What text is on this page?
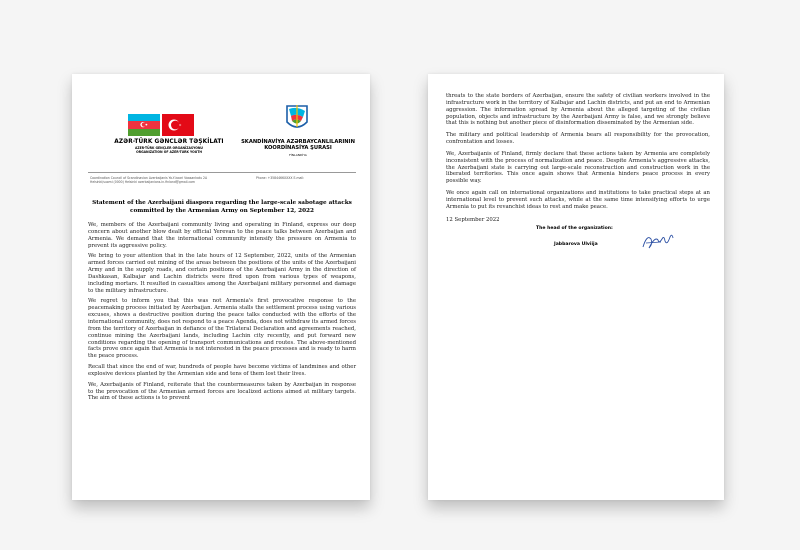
AZƏR-TÜRK GƏNCLƏR TƏŞKİLATI
AZER-TÜRK GENÇLER ORGANİZASYONU
ORGANIZATION OF AZER-TURK YOUTH
SKANDİNAVİYA AZƏRBAYCANLILARININ
KOORDİNASİYA ŞURASI
FİNLANDİYA
Coordination Council of Scandinavian Azerbaijanis Yo-Y-kaari Vaasankatu 2A Helsinki/suomi (0000) Helsinki azerbaijanians.in.finland@gmail.com
Phone: +3584466XXXX E-mail:
Statement of the Azerbaijani diaspora regarding the large-scale sabotage attacks committed by the Armenian Army on September 12, 2022

We, members of the Azerbaijani community living and operating in Finland, express our deep concern about another blow dealt by official Yerevan to the peace talks between Azerbaijan and Armenia. We demand that the international community intensify the pressure on Armenia to prevent its aggressive policy.

We bring to your attention that in the late hours of 12 September, 2022, units of the Armenian armed forces carried out mining of the areas between the positions of the units of the Azerbaijani Army and in the supply roads, and certain positions of the Azerbaijani Army in the direction of Dashkasan, Kalbajar and Lachin districts were fired upon from various types of weapons, including mortars. It resulted in casualties among the Azerbaijani military personnel and damage to the military infrastructure.

We regret to inform you that this was not Armenia's first provocative response to the peacemaking process initiated by Azerbaijan. Armenia stalls the settlement process using various excuses, shows a destructive position during the peace talks conducted with the efforts of the international community, does not respond to a peace Agenda, does not withdraw its armed forces from the territory of Azerbaijan in defiance of the Trilateral Declaration and agreements reached, continue mining the Azerbaijani lands, including Lachin city recently, and put forward new conditions regarding the opening of transport communications and routes. The above-mentioned facts prove once again that Armenia is not interested in the peace processes and is ready to harm the peace process.

Recall that since the end of war, hundreds of people have become victims of landmines and other explosive devices planted by the Armenian side and tens of them lost their lives.

We, Azerbaijanis of Finland, reiterate that the countermeasures taken by Azerbaijan in response to the provocation of the Armenian armed forces are localized actions aimed at military targets. The aim of these actions is to prevent

threats to the state borders of Azerbaijan, ensure the safety of civilian workers involved in the infrastructure work in the territory of Kalbajar and Lachin districts, and put an end to Armenian aggression. The information spread by Armenia about the alleged targeting of the civilian population, objects and infrastructure by the Azerbaijani Army is false, and we strongly believe that this is nothing but another piece of disinformation disseminated by the Armenian side.

The military and political leadership of Armenia bears all responsibility for the provocation, confrontation and losses.

We, Azerbaijanis of Finland, firmly declare that these actions taken by Armenia are completely inconsistent with the process of normalization and peace. Despite Armenia's aggressive attacks, the Azerbaijani state is carrying out large-scale reconstruction and construction work in the liberated territories. This once again shows that Armenia hinders peace process in every possible way.

We once again call on international organizations and institutions to take practical steps at an international level to prevent such attacks, while at the same time intensifying efforts to urge Armenia to put its revanchist ideas to rest and make peace.

12 September 2022
The head of the organization:
Jabbarova Ulviija
